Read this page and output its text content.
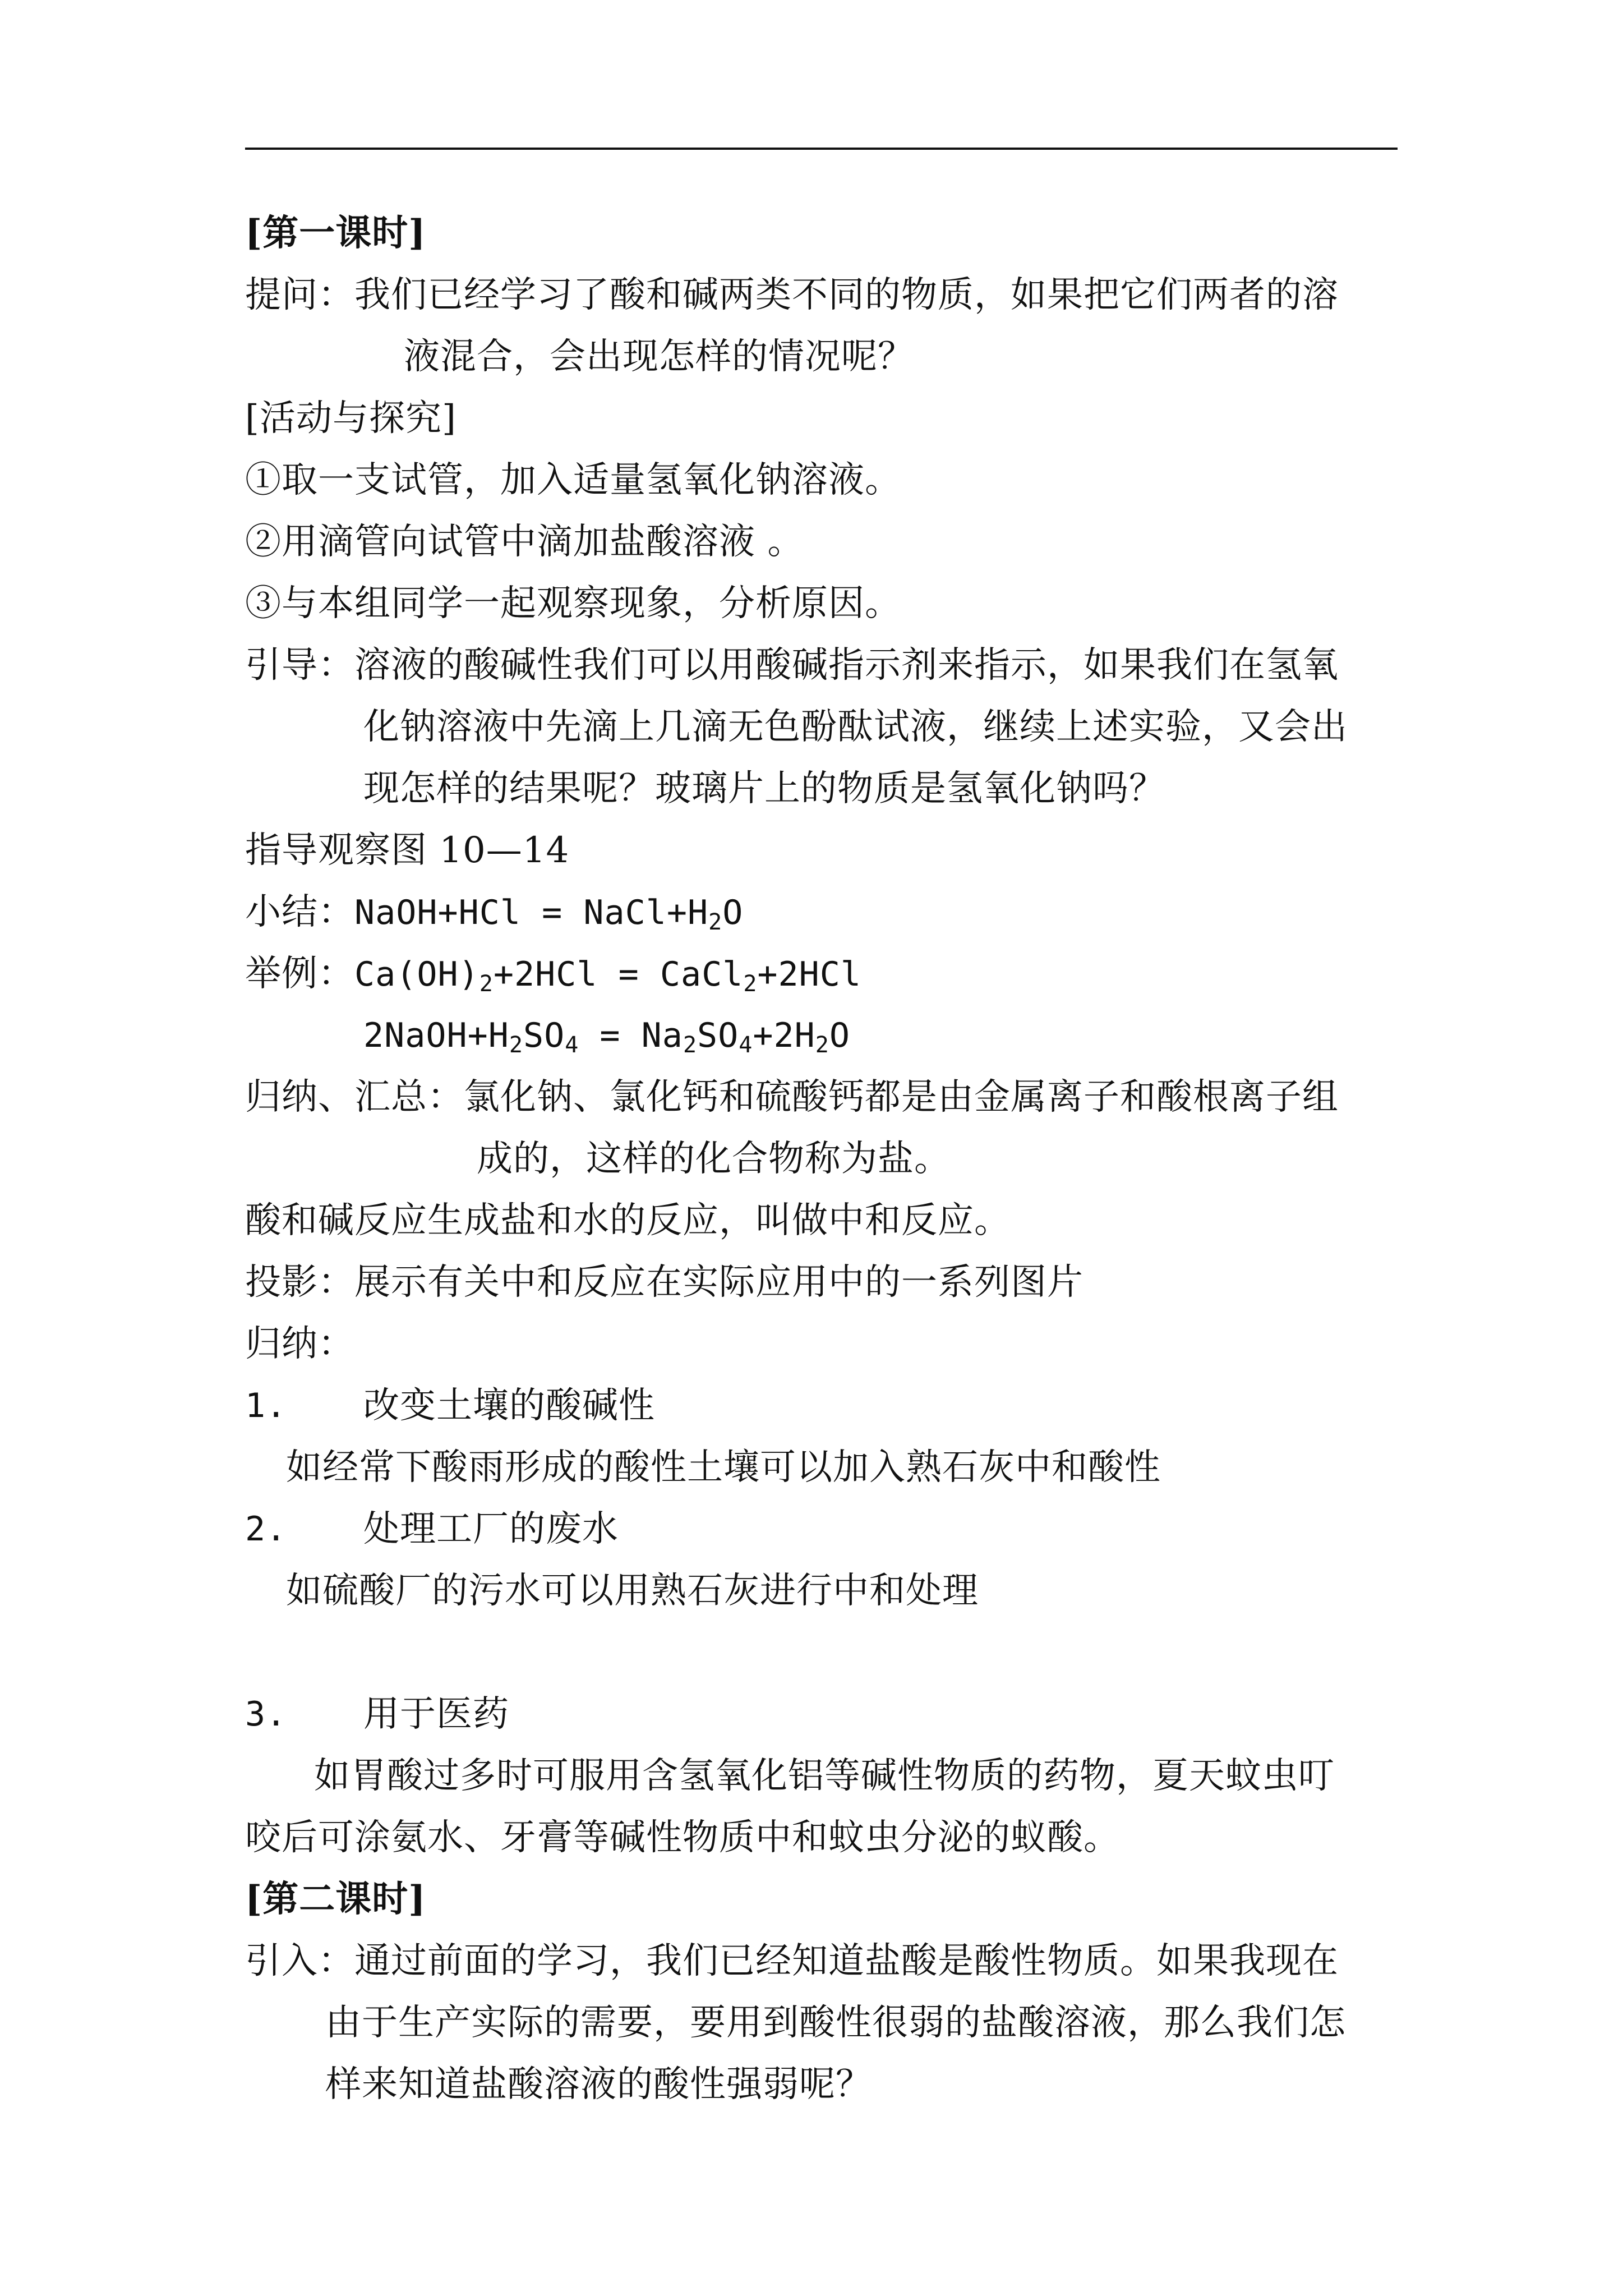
[第一课时]
提问：我们已经学习了酸和碱两类不同的物质，如果把它们两者的溶
液混合，会出现怎样的情况呢？
[活动与探究]
①取一支试管，加入适量氢氧化钠溶液。
②用滴管向试管中滴加盐酸溶液 。
③与本组同学一起观察现象，分析原因。
引导：溶液的酸碱性我们可以用酸碱指示剂来指示，如果我们在氢氧
化钠溶液中先滴上几滴无色酚酞试液，继续上述实验，又会出
现怎样的结果呢？玻璃片上的物质是氢氧化钠吗？
指导观察图 10—14
小结：NaOH+HCl = $NaCl+H_2O$
举例：$Ca(OH)_2+2HCl$ = CaCl$_2$+2HCl
$2NaOH+H_2SO_4 = Na_2SO_4+2H_2O$
归纳、汇总：氯化钠、氯化钙和硫酸钙都是由金属离子和酸根离子组
成的，这样的化合物称为盐。
酸和碱反应生成盐和水的反应，叫做中和反应。
投影：展示有关中和反应在实际应用中的一系列图片
归纳：
1. 改变土壤的酸碱性
如经常下酸雨形成的酸性土壤可以加入熟石灰中和酸性
2. 处理工厂的废水
如硫酸厂的污水可以用熟石灰进行中和处理
3. 用于医药
如胃酸过多时可服用含氢氧化铝等碱性物质的药物，夏天蚊虫叮
咬后可涂氨水、牙膏等碱性物质中和蚊虫分泌的蚁酸。
[第二课时]
引入：通过前面的学习，我们已经知道盐酸是酸性物质。如果我现在
由于生产实际的需要，要用到酸性很弱的盐酸溶液，那么我们怎
样来知道盐酸溶液的酸性强弱呢？
